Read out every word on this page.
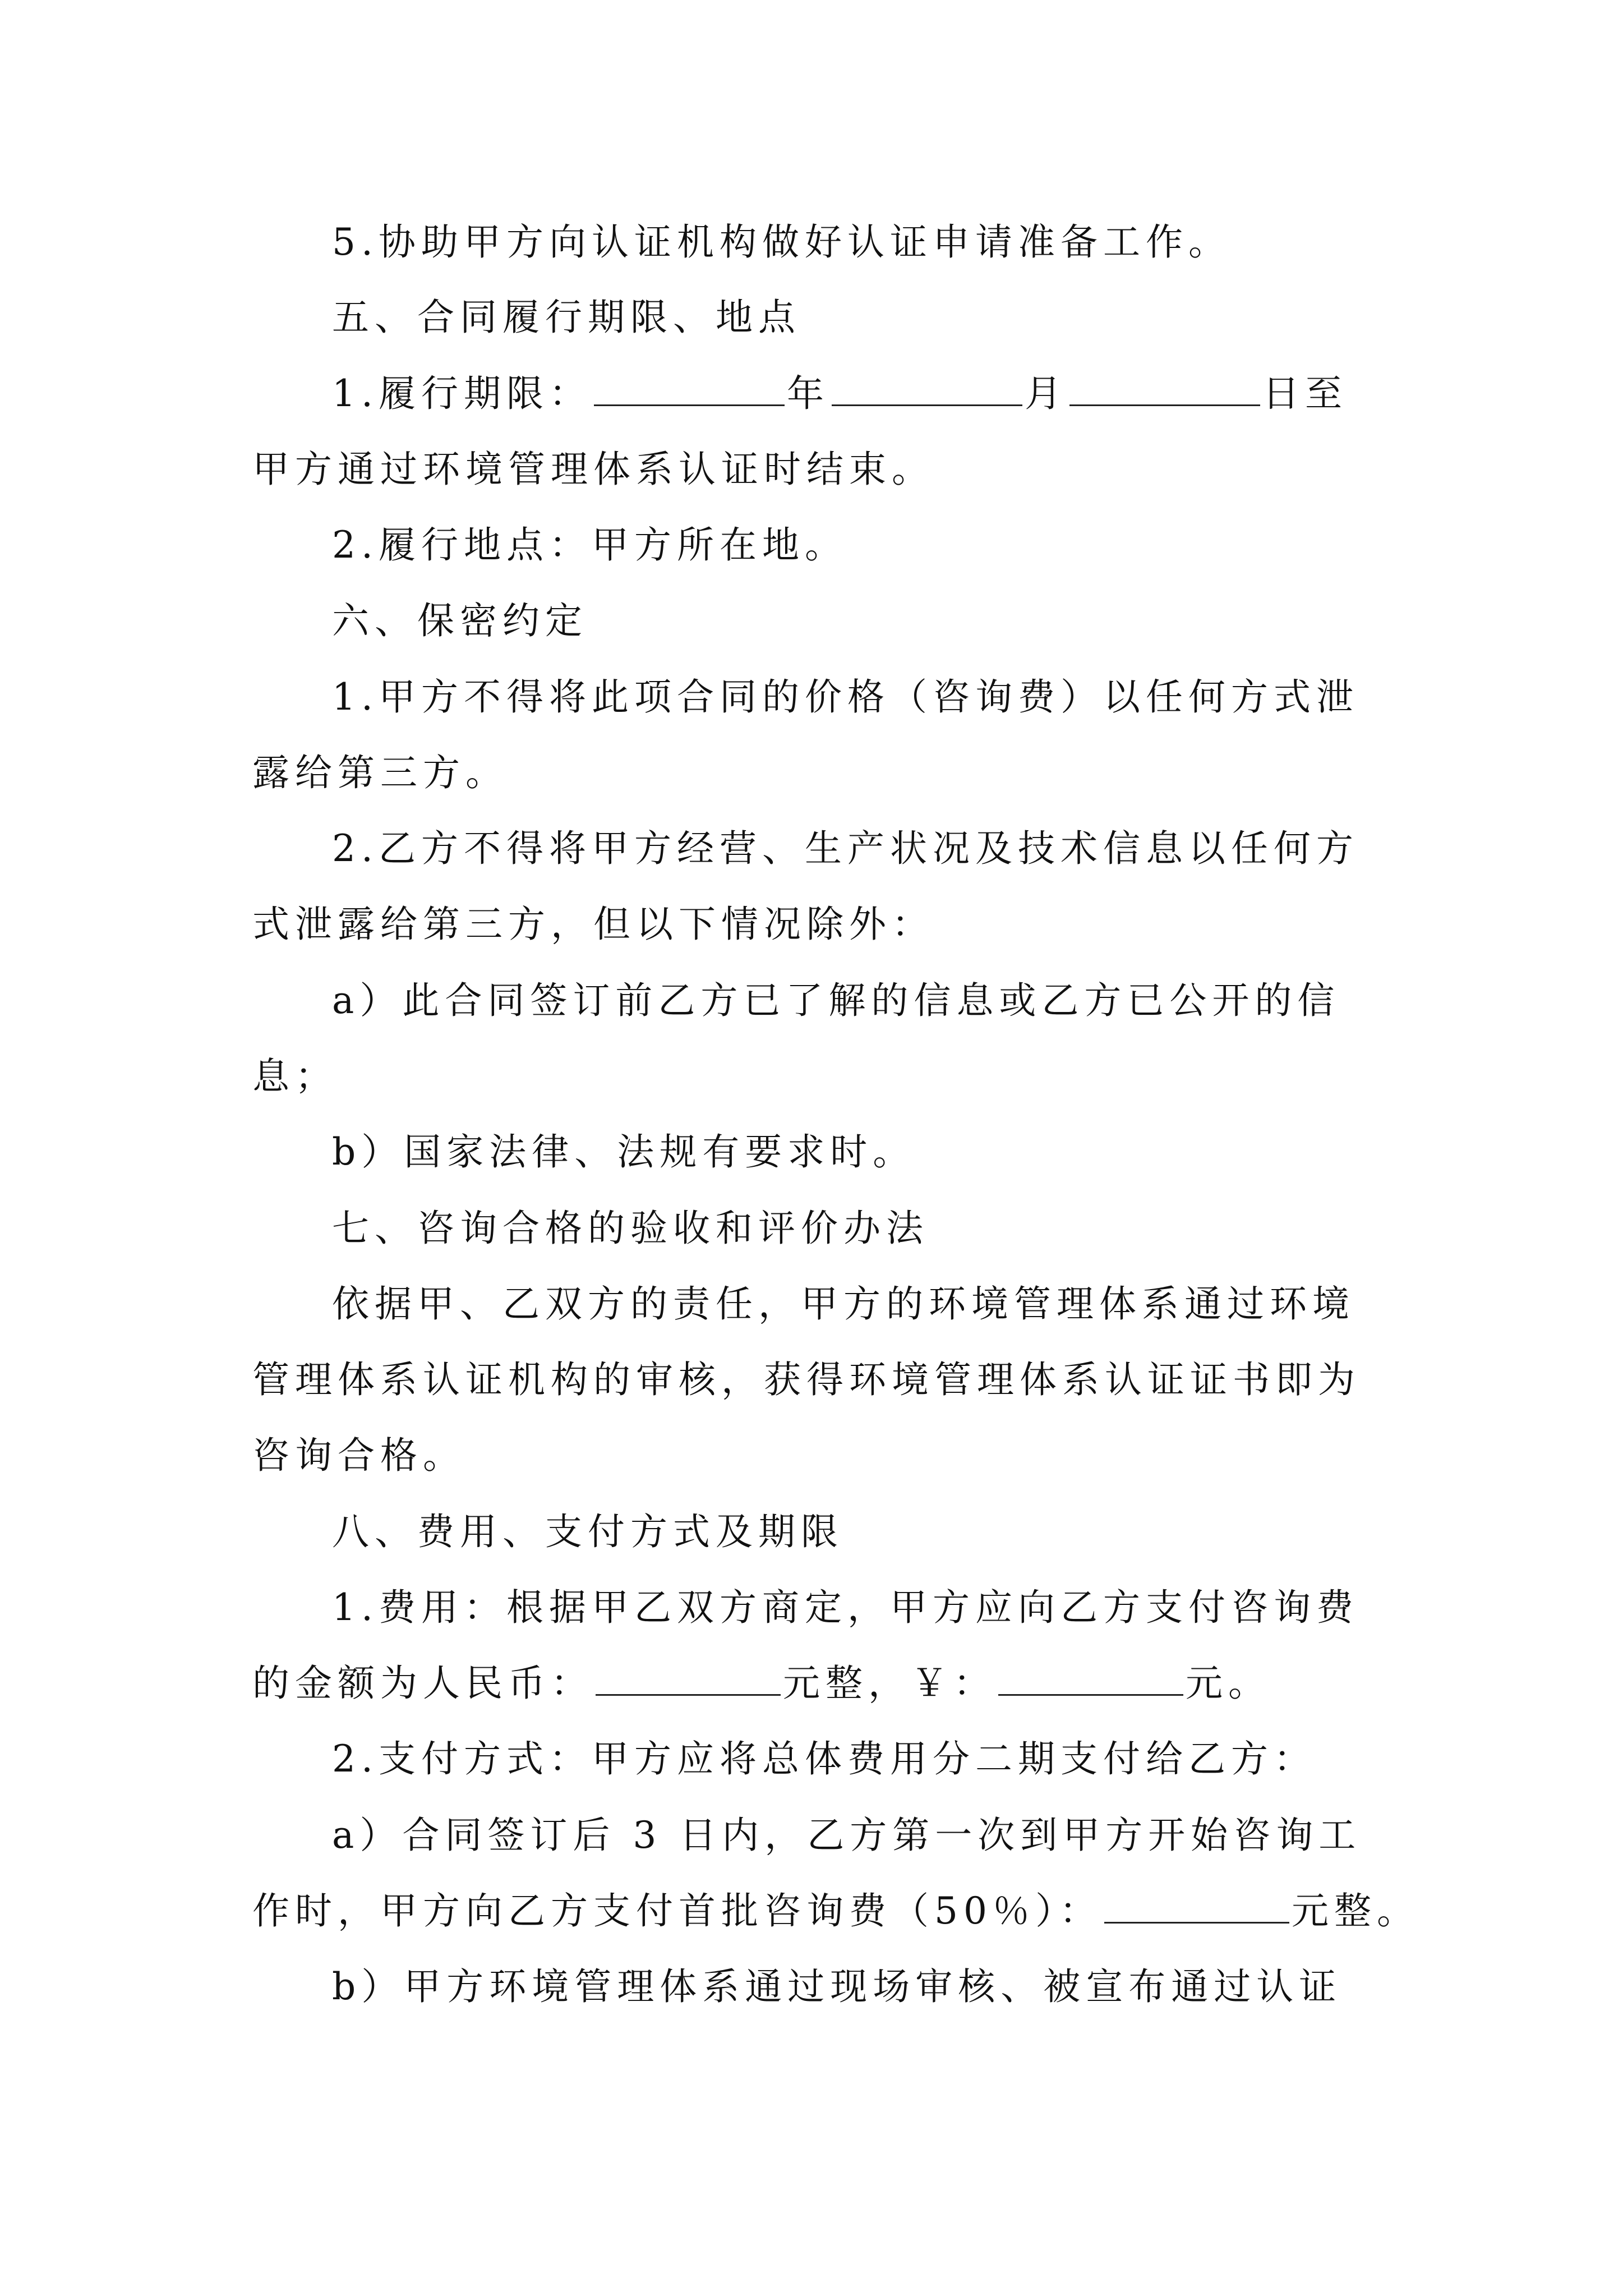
5.协助甲方向认证机构做好认证申请准备工作。
五、合同履行期限、地点
1.履行期限：	年	月	日至
甲方通过环境管理体系认证时结束。
2.履行地点：甲方所在地。
六、保密约定
1.甲方不得将此项合同的价格（咨询费）以任何方式泄
露给第三方。
2.乙方不得将甲方经营、生产状况及技术信息以任何方
式泄露给第三方，但以下情况除外：
a）此合同签订前乙方已了解的信息或乙方已公开的信
息；
b）国家法律、法规有要求时。
七、咨询合格的验收和评价办法
依据甲、乙双方的责任，甲方的环境管理体系通过环境
管理体系认证机构的审核，获得环境管理体系认证证书即为
咨询合格。
八、费用、支付方式及期限
1.费用：根据甲乙双方商定，甲方应向乙方支付咨询费
的金额为人民币：	元整，￥：	元。
2.支付方式：甲方应将总体费用分二期支付给乙方：
a）合同签订后 3 日内，乙方第一次到甲方开始咨询工
作时，甲方向乙方支付首批咨询费（50％）：	元整。
b）甲方环境管理体系通过现场审核、被宣布通过认证
